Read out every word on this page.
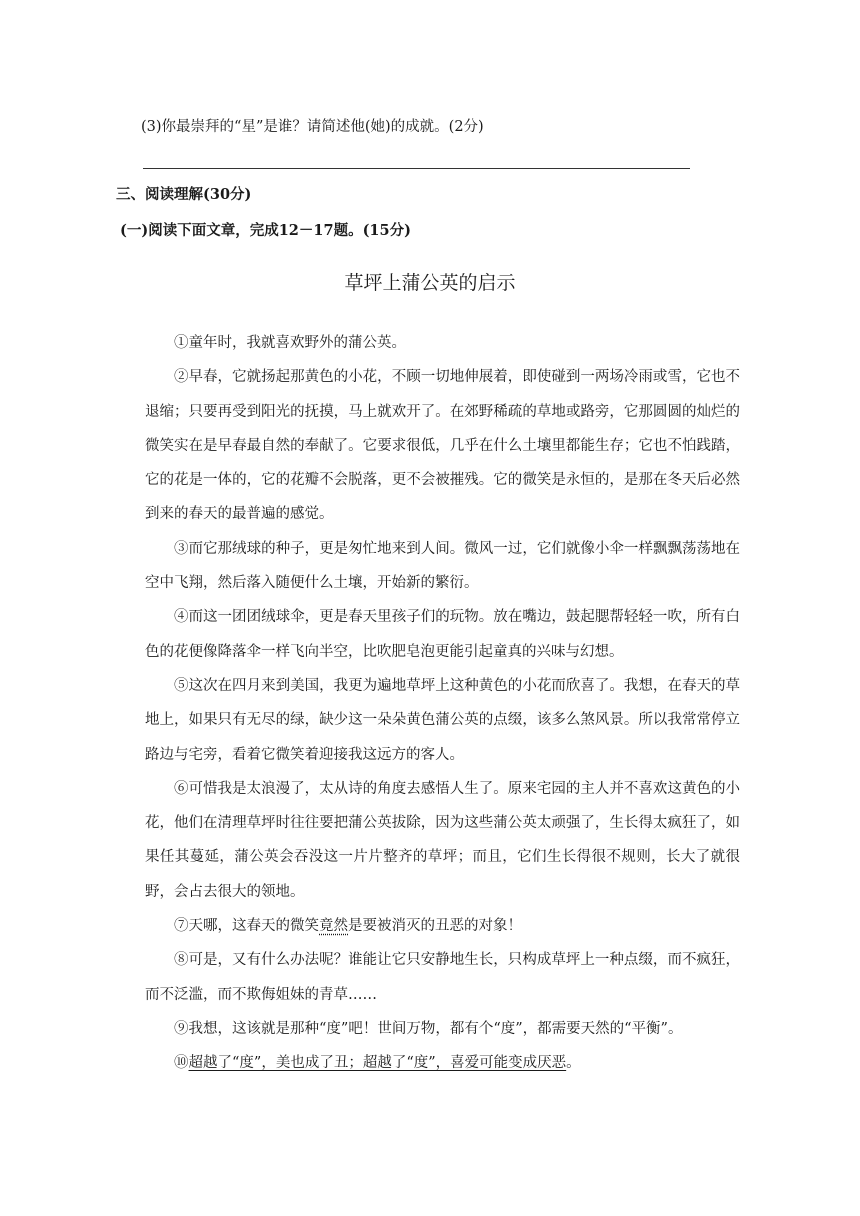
(3)你最崇拜的“星”是谁？请简述他(她)的成就。(2分)
三、阅读理解(30分)
(一)阅读下面文章，完成12－17题。(15分)
草坪上蒲公英的启示

①童年时，我就喜欢野外的蒲公英。

②早春，它就扬起那黄色的小花，不顾一切地伸展着，即使碰到一两场冷雨或雪，它也不退缩；只要再受到阳光的抚摸，马上就欢开了。在郊野稀疏的草地或路旁，它那圆圆的灿烂的微笑实在是早春最自然的奉献了。它要求很低，几乎在什么土壤里都能生存；它也不怕践踏，它的花是一体的，它的花瓣不会脱落，更不会被摧残。它的微笑是永恒的，是那在冬天后必然到来的春天的最普遍的感觉。

③而它那绒球的种子，更是匆忙地来到人间。微风一过，它们就像小伞一样飘飘荡荡地在空中飞翔，然后落入随便什么土壤，开始新的繁衍。

④而这一团团绒球伞，更是春天里孩子们的玩物。放在嘴边，鼓起腮帮轻轻一吹，所有白色的花便像降落伞一样飞向半空，比吹肥皂泡更能引起童真的兴味与幻想。

⑤这次在四月来到美国，我更为遍地草坪上这种黄色的小花而欣喜了。我想，在春天的草地上，如果只有无尽的绿，缺少这一朵朵黄色蒲公英的点缀，该多么煞风景。所以我常常停立路边与宅旁，看着它微笑着迎接我这远方的客人。

⑥可惜我是太浪漫了，太从诗的角度去感悟人生了。原来宅园的主人并不喜欢这黄色的小花，他们在清理草坪时往往要把蒲公英拔除，因为这些蒲公英太顽强了，生长得太疯狂了，如果任其蔓延，蒲公英会吞没这一片片整齐的草坪；而且，它们生长得很不规则，长大了就很野，会占去很大的领地。

⑦天哪，这春天的微笑竟然是要被消灭的丑恶的对象！

⑧可是，又有什么办法呢？谁能让它只安静地生长，只构成草坪上一种点缀，而不疯狂，而不泛滥，而不欺侮姐妹的青草……

⑨我想，这该就是那种“度”吧！世间万物，都有个“度”，都需要天然的“平衡”。

⑩超越了“度”，美也成了丑；超越了“度”，喜爱可能变成厌恶。
